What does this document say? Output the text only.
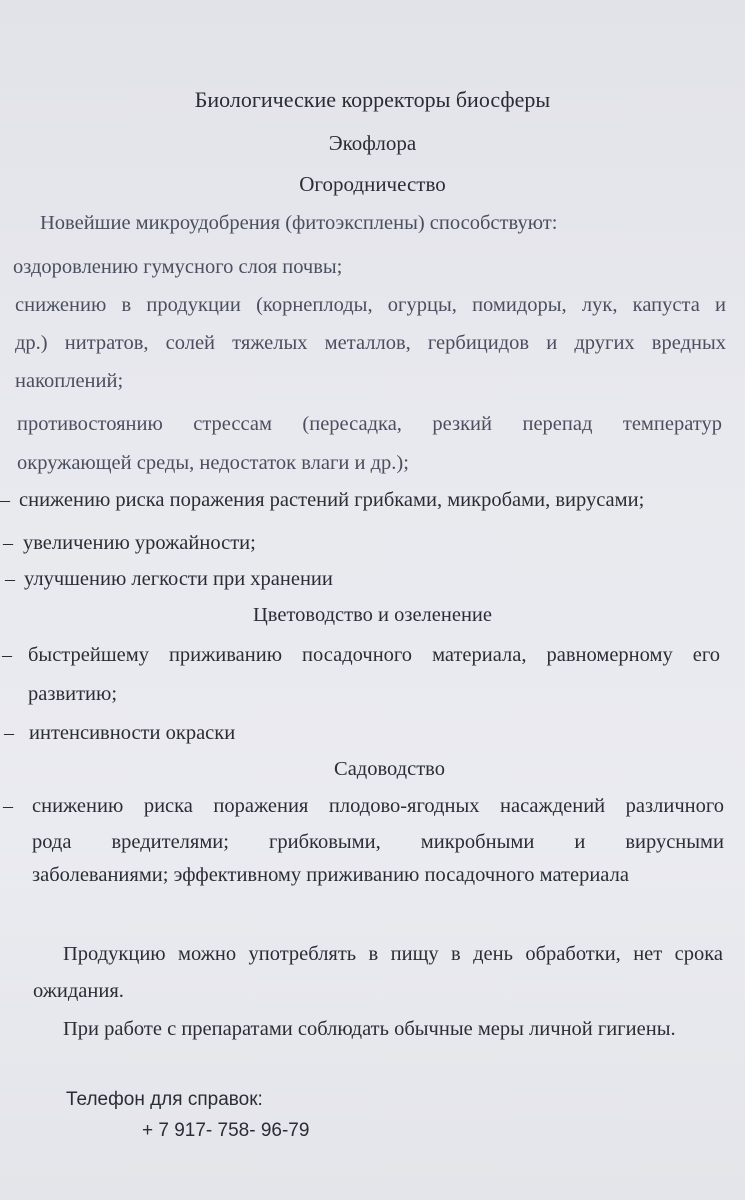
Биологические корректоры биосферы
Экофлора
Огородничество
Новейшие микроудобрения (фитоэксплены) способствуют:
оздоровлению гумусного слоя почвы;
снижению в продукции (корнеплоды, огурцы, помидоры, лук, капуста и
др.) нитратов, солей тяжелых металлов, гербицидов и других вредных
накоплений;
противостоянию стрессам (пересадка, резкий перепад температур
окружающей среды, недостаток влаги и др.);
– снижению риска поражения растений грибками, микробами, вирусами;
– увеличению урожайности;
– улучшению легкости при хранении
Цветоводство и озеленение
– быстрейшему приживанию посадочного материала, равномерному его
развитию;
– интенсивности окраски
Садоводство
– снижению риска поражения плодово-ягодных насаждений различного
рода вредителями; грибковыми, микробными и вирусными
заболеваниями; эффективному приживанию посадочного материала
Продукцию можно употреблять в пищу в день обработки, нет срока
ожидания.
При работе с препаратами соблюдать обычные меры личной гигиены.
Телефон для справок:
+ 7 917- 758- 96-79
